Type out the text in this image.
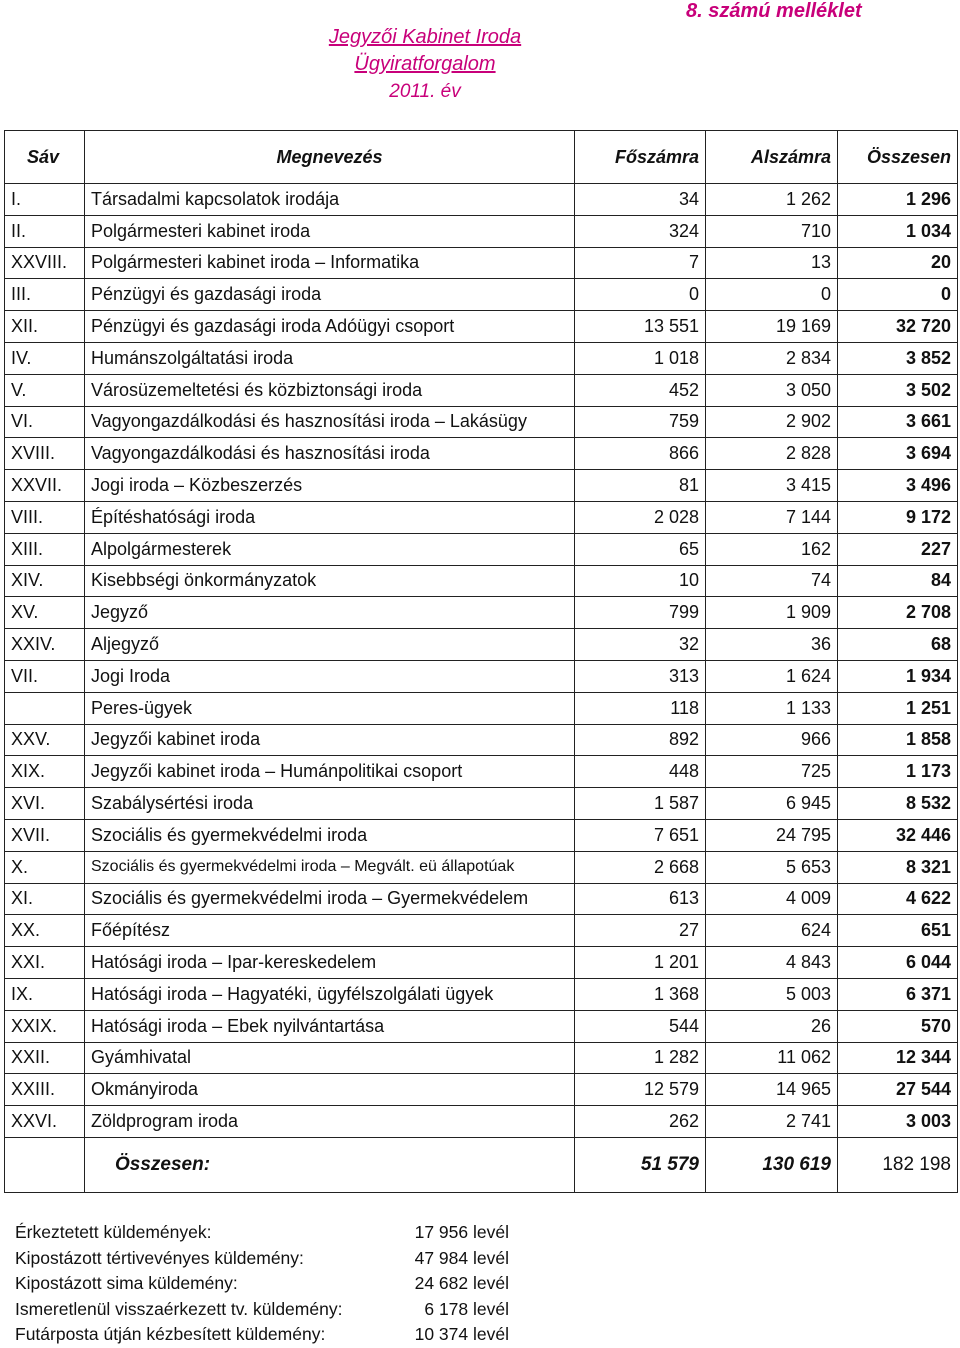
8. számú melléklet
Jegyzői Kabinet Iroda
Ügyiratforgalom
2011. év
Sáv	Megnevezés	Főszámra	Alszámra	Összesen
I.	Társadalmi kapcsolatok irodája	34	1 262	1 296
II.	Polgármesteri kabinet iroda	324	710	1 034
XXVIII.	Polgármesteri kabinet iroda – Informatika	7	13	20
III.	Pénzügyi és gazdasági iroda	0	0	0
XII.	Pénzügyi és gazdasági iroda Adóügyi csoport	13 551	19 169	32 720
IV.	Humánszolgáltatási iroda	1 018	2 834	3 852
V.	Városüzemeltetési és közbiztonsági iroda	452	3 050	3 502
VI.	Vagyongazdálkodási és hasznosítási iroda – Lakásügy	759	2 902	3 661
XVIII.	Vagyongazdálkodási és hasznosítási iroda	866	2 828	3 694
XXVII.	Jogi iroda – Közbeszerzés	81	3 415	3 496
VIII.	Építéshatósági iroda	2 028	7 144	9 172
XIII.	Alpolgármesterek	65	162	227
XIV.	Kisebbségi önkormányzatok	10	74	84
XV.	Jegyző	799	1 909	2 708
XXIV.	Aljegyző	32	36	68
VII.	Jogi Iroda	313	1 624	1 934
	Peres-ügyek	118	1 133	1 251
XXV.	Jegyzői kabinet iroda	892	966	1 858
XIX.	Jegyzői kabinet iroda – Humánpolitikai csoport	448	725	1 173
XVI.	Szabálysértési iroda	1 587	6 945	8 532
XVII.	Szociális és gyermekvédelmi iroda	7 651	24 795	32 446
X.	Szociális és gyermekvédelmi iroda – Megvált. eü állapotúak	2 668	5 653	8 321
XI.	Szociális és gyermekvédelmi iroda – Gyermekvédelem	613	4 009	4 622
XX.	Főépítész	27	624	651
XXI.	Hatósági iroda – Ipar-kereskedelem	1 201	4 843	6 044
IX.	Hatósági iroda – Hagyatéki, ügyfélszolgálati ügyek	1 368	5 003	6 371
XXIX.	Hatósági iroda – Ebek nyilvántartása	544	26	570
XXII.	Gyámhivatal	1 282	11 062	12 344
XXIII.	Okmányiroda	12 579	14 965	27 544
XXVI.	Zöldprogram iroda	262	2 741	3 003
	Összesen:	51 579	130 619	182 198
Érkeztetett küldemények:	17 956 levél
Kipostázott tértivevényes küldemény:	47 984 levél
Kipostázott sima küldemény:	24 682 levél
Ismeretlenül visszaérkezett tv. küldemény:	6 178 levél
Futárposta útján kézbesített küldemény:	10 374 levél
